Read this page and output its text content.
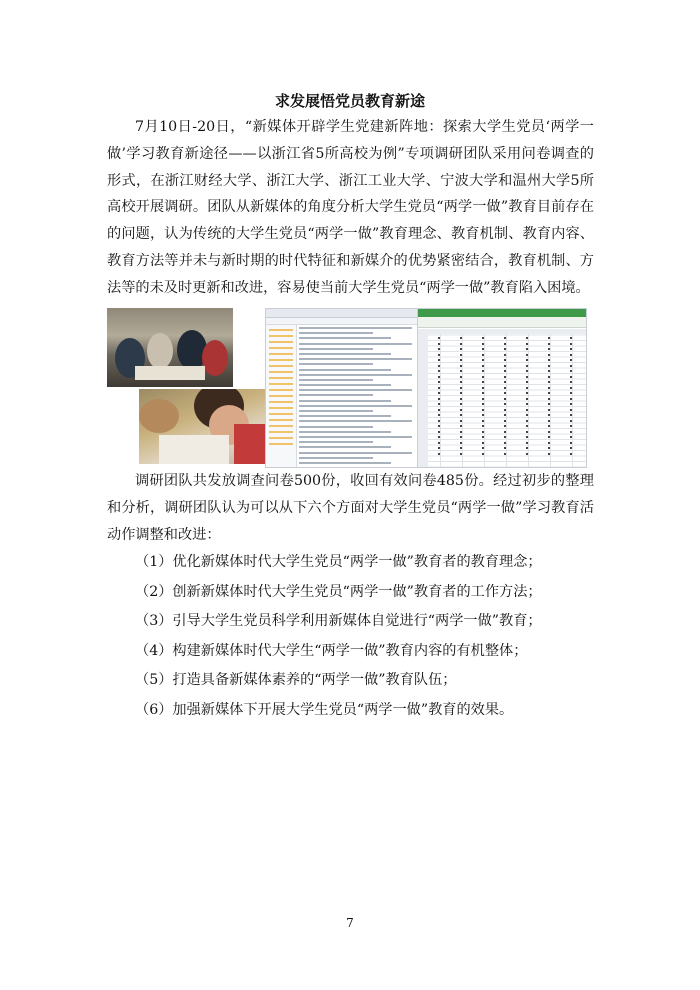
求发展悟党员教育新途

7月10日-20日，“新媒体开辟学生党建新阵地：探索大学生党员‘两学一做’学习教育新途径——以浙江省5所高校为例”专项调研团队采用问卷调查的形式，在浙江财经大学、浙江大学、浙江工业大学、宁波大学和温州大学5所高校开展调研。团队从新媒体的角度分析大学生党员“两学一做”教育目前存在的问题，认为传统的大学生党员“两学一做”教育理念、教育机制、教育内容、教育方法等并未与新时期的时代特征和新媒介的优势紧密结合，教育机制、方法等的未及时更新和改进，容易使当前大学生党员“两学一做”教育陷入困境。

调研团队共发放调查问卷500份，收回有效问卷485份。经过初步的整理和分析，调研团队认为可以从下六个方面对大学生党员“两学一做”学习教育活动作调整和改进：

（1）优化新媒体时代大学生党员“两学一做”教育者的教育理念；
（2）创新新媒体时代大学生党员“两学一做”教育者的工作方法；
（3）引导大学生党员科学利用新媒体自觉进行“两学一做”教育；
（4）构建新媒体时代大学生“两学一做”教育内容的有机整体；
（5）打造具备新媒体素养的“两学一做”教育队伍；
（6）加强新媒体下开展大学生党员“两学一做”教育的效果。
7
